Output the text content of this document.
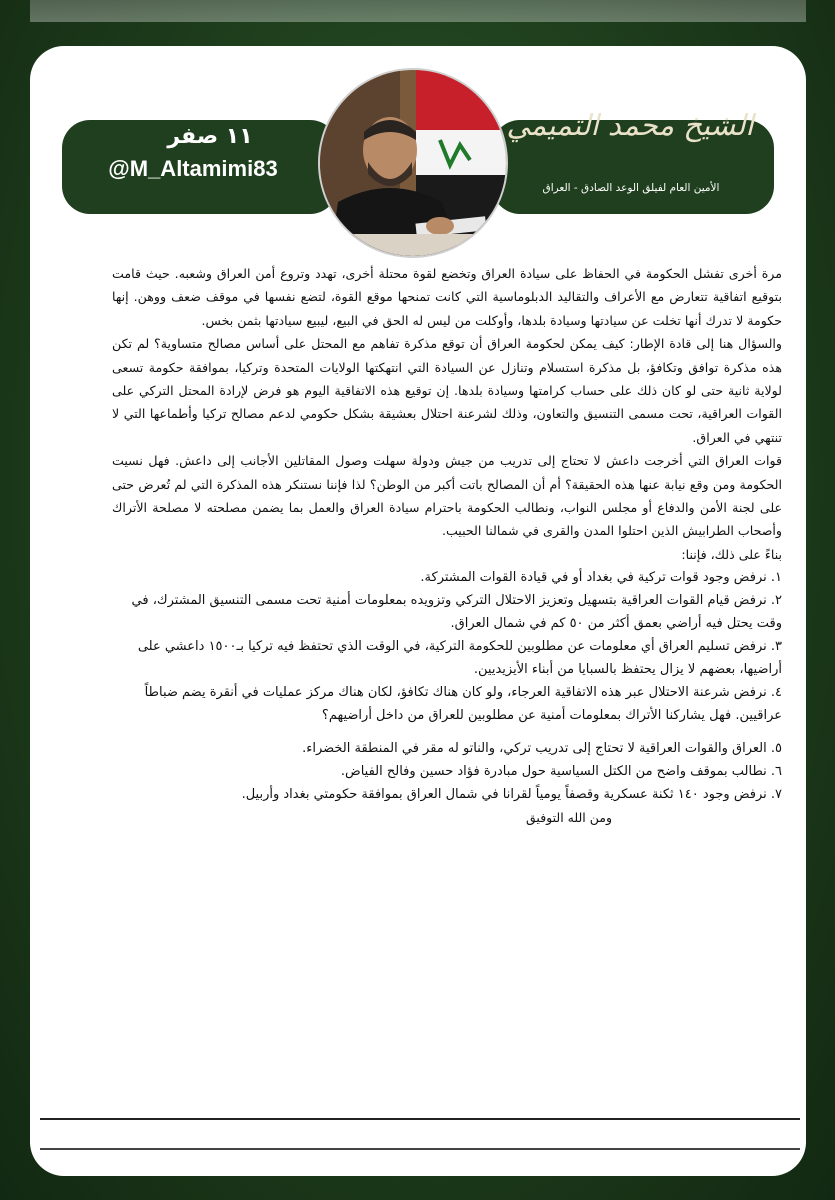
١١ صفر
@M_Altamimi83
الشيخ محمد التميمي
الأمين العام لفيلق الوعد الصادق - العراق

مرة أخرى تفشل الحكومة في الحفاظ على سيادة العراق وتخضع لقوة محتلة أخرى، تهدد وتروع أمن العراق وشعبه. حيث قامت بتوقيع اتفاقية تتعارض مع الأعراف والتقاليد الدبلوماسية التي كانت تمنحها موقع القوة، لتضع نفسها في موقف ضعف ووهن. إنها حكومة لا تدرك أنها تخلت عن سيادتها وسيادة بلدها، وأوكلت من ليس له الحق في البيع، ليبيع سيادتها بثمن بخس.

والسؤال هنا إلى قادة الإطار: كيف يمكن لحكومة العراق أن توقع مذكرة تفاهم مع المحتل على أساس مصالح متساوية؟ لم تكن هذه مذكرة توافق وتكافؤ، بل مذكرة استسلام وتنازل عن السيادة التي انتهكتها الولايات المتحدة وتركيا، بموافقة حكومة تسعى لولاية ثانية حتى لو كان ذلك على حساب كرامتها وسيادة بلدها. إن توقيع هذه الاتفاقية اليوم هو فرض لإرادة المحتل التركي على القوات العراقية، تحت مسمى التنسيق والتعاون، وذلك لشرعنة احتلال بعشيقة بشكل حكومي لدعم مصالح تركيا وأطماعها التي لا تنتهي في العراق.

قوات العراق التي أخرجت داعش لا تحتاج إلى تدريب من جيش ودولة سهلت وصول المقاتلين الأجانب إلى داعش. فهل نسيت الحكومة ومن وقع نيابة عنها هذه الحقيقة؟ أم أن المصالح باتت أكبر من الوطن؟ لذا فإننا نستنكر هذه المذكرة التي لم تُعرض حتى على لجنة الأمن والدفاع أو مجلس النواب، ونطالب الحكومة باحترام سيادة العراق والعمل بما يضمن مصلحته لا مصلحة الأتراك وأصحاب الطرابيش الذين احتلوا المدن والقرى في شمالنا الحبيب.

بناءً على ذلك، فإننا:

١. نرفض وجود قوات تركية في بغداد أو في قيادة القوات المشتركة.

٢. نرفض قيام القوات العراقية بتسهيل وتعزيز الاحتلال التركي وتزويده بمعلومات أمنية تحت مسمى التنسيق المشترك، في وقت يحتل فيه أراضي بعمق أكثر من ٥٠ كم في شمال العراق.

٣. نرفض تسليم العراق أي معلومات عن مطلوبين للحكومة التركية، في الوقت الذي تحتفظ فيه تركيا بـ١٥٠٠ داعشي على أراضيها، بعضهم لا يزال يحتفظ بالسبايا من أبناء الأيزيديين.

٤. نرفض شرعنة الاحتلال عبر هذه الاتفاقية العرجاء، ولو كان هناك تكافؤ، لكان هناك مركز عمليات في أنقرة يضم ضباطاً عراقيين. فهل يشاركنا الأتراك بمعلومات أمنية عن مطلوبين للعراق من داخل أراضيهم؟

٥. العراق والقوات العراقية لا تحتاج إلى تدريب تركي، والناتو له مقر في المنطقة الخضراء.

٦. نطالب بموقف واضح من الكتل السياسية حول مبادرة فؤاد حسين وفالح الفياض.

٧. نرفض وجود ١٤٠ ثكنة عسكرية وقصفاً يومياً لقرانا في شمال العراق بموافقة حكومتي بغداد وأربيل.

ومن الله التوفيق
